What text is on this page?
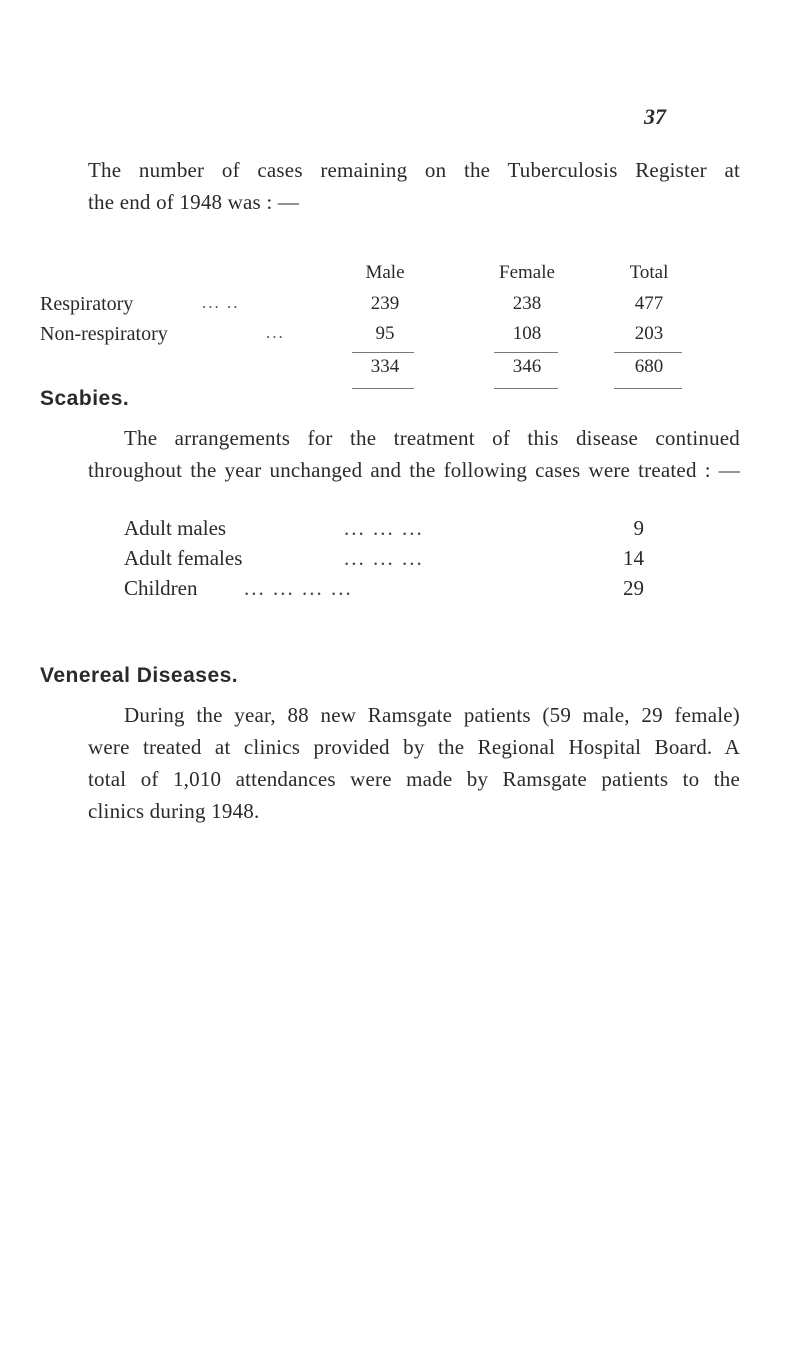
37
The number of cases remaining on the Tuberculosis Register at
the end of 1948 was : —
Male	Female	Total
Respiratory	... ..	239	238	477
Non-respiratory	...	95	108	203
334	346	680
Scabies.
The arrangements for the treatment of this disease continued
throughout the year unchanged and the following cases were treated : —
Adult males	... ... ...	9
Adult females	... ... ...	14
Children ... ... ... ...	29
Venereal Diseases.
During the year, 88 new Ramsgate patients (59 male, 29 female)
were treated at clinics provided by the Regional Hospital Board. A
total of 1,010 attendances were made by Ramsgate patients to the
clinics during 1948.
